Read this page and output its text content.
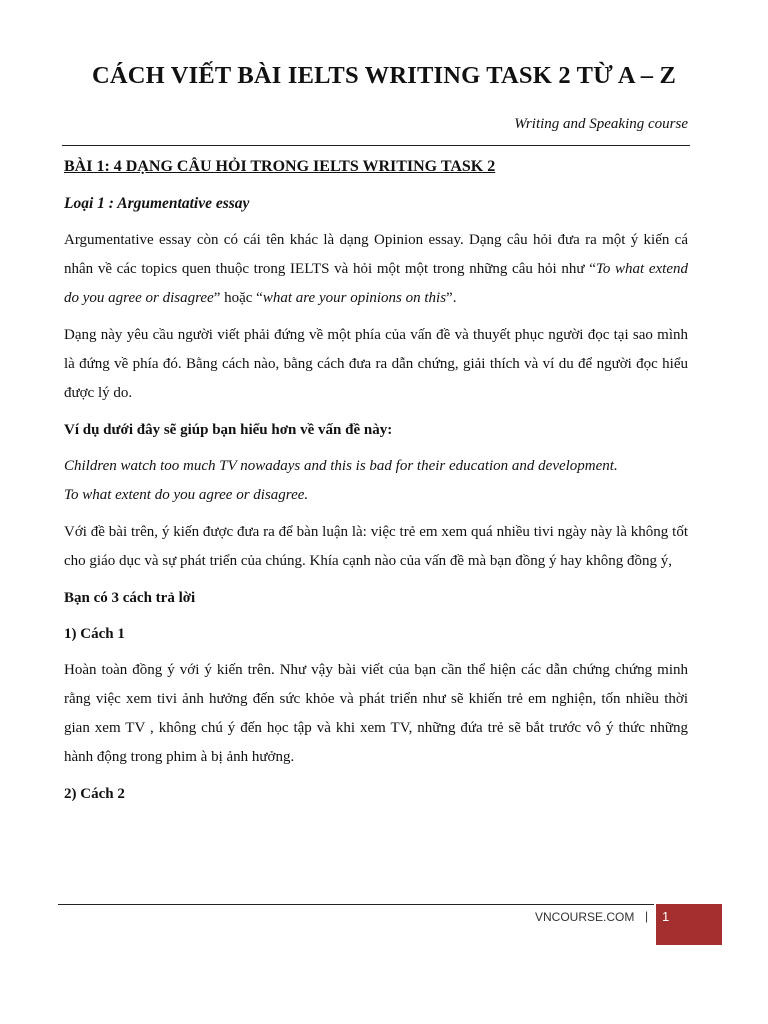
CÁCH VIẾT BÀI IELTS WRITING TASK 2 TỪ A – Z
Writing and Speaking course

BÀI 1: 4 DẠNG CÂU HỎI TRONG IELTS WRITING TASK 2

Loại 1 : Argumentative essay

Argumentative essay còn có cái tên khác là dạng Opinion essay. Dạng câu hỏi đưa ra một ý kiến cá nhân về các topics quen thuộc trong IELTS và hỏi một một trong những câu hỏi như “To what extend do you agree or disagree” hoặc “what are your opinions on this”.

Dạng này yêu cầu người viết phải đứng về một phía của vấn đề và thuyết phục người đọc tại sao mình là đứng về phía đó. Bằng cách nào, bằng cách đưa ra dẫn chứng, giải thích và ví du để người đọc hiểu được lý do.

Ví dụ dưới đây sẽ giúp bạn hiểu hơn về vấn đề này:

Children watch too much TV nowadays and this is bad for their education and development.

To what extent do you agree or disagree.

Với đề bài trên, ý kiến được đưa ra để bàn luận là: việc trẻ em xem quá nhiều tivi ngày này là không tốt cho giáo dục và sự phát triển của chúng. Khía cạnh nào của vấn đề mà bạn đồng ý hay không đồng ý,

Bạn có 3 cách trả lời

1) Cách 1

Hoàn toàn đồng ý với ý kiến trên. Như vậy bài viết của bạn cần thể hiện các dẫn chứng chứng minh rằng việc xem tivi ảnh hưởng đến sức khỏe và phát triển như sẽ khiến trẻ em nghiện, tốn nhiều thời gian xem TV , không chú ý đến học tập và khi xem TV, những đứa trẻ sẽ bắt trước vô ý thức những hành động trong phim à bị ảnh hưởng.

2) Cách 2

VNCOURSE.COM | 1
